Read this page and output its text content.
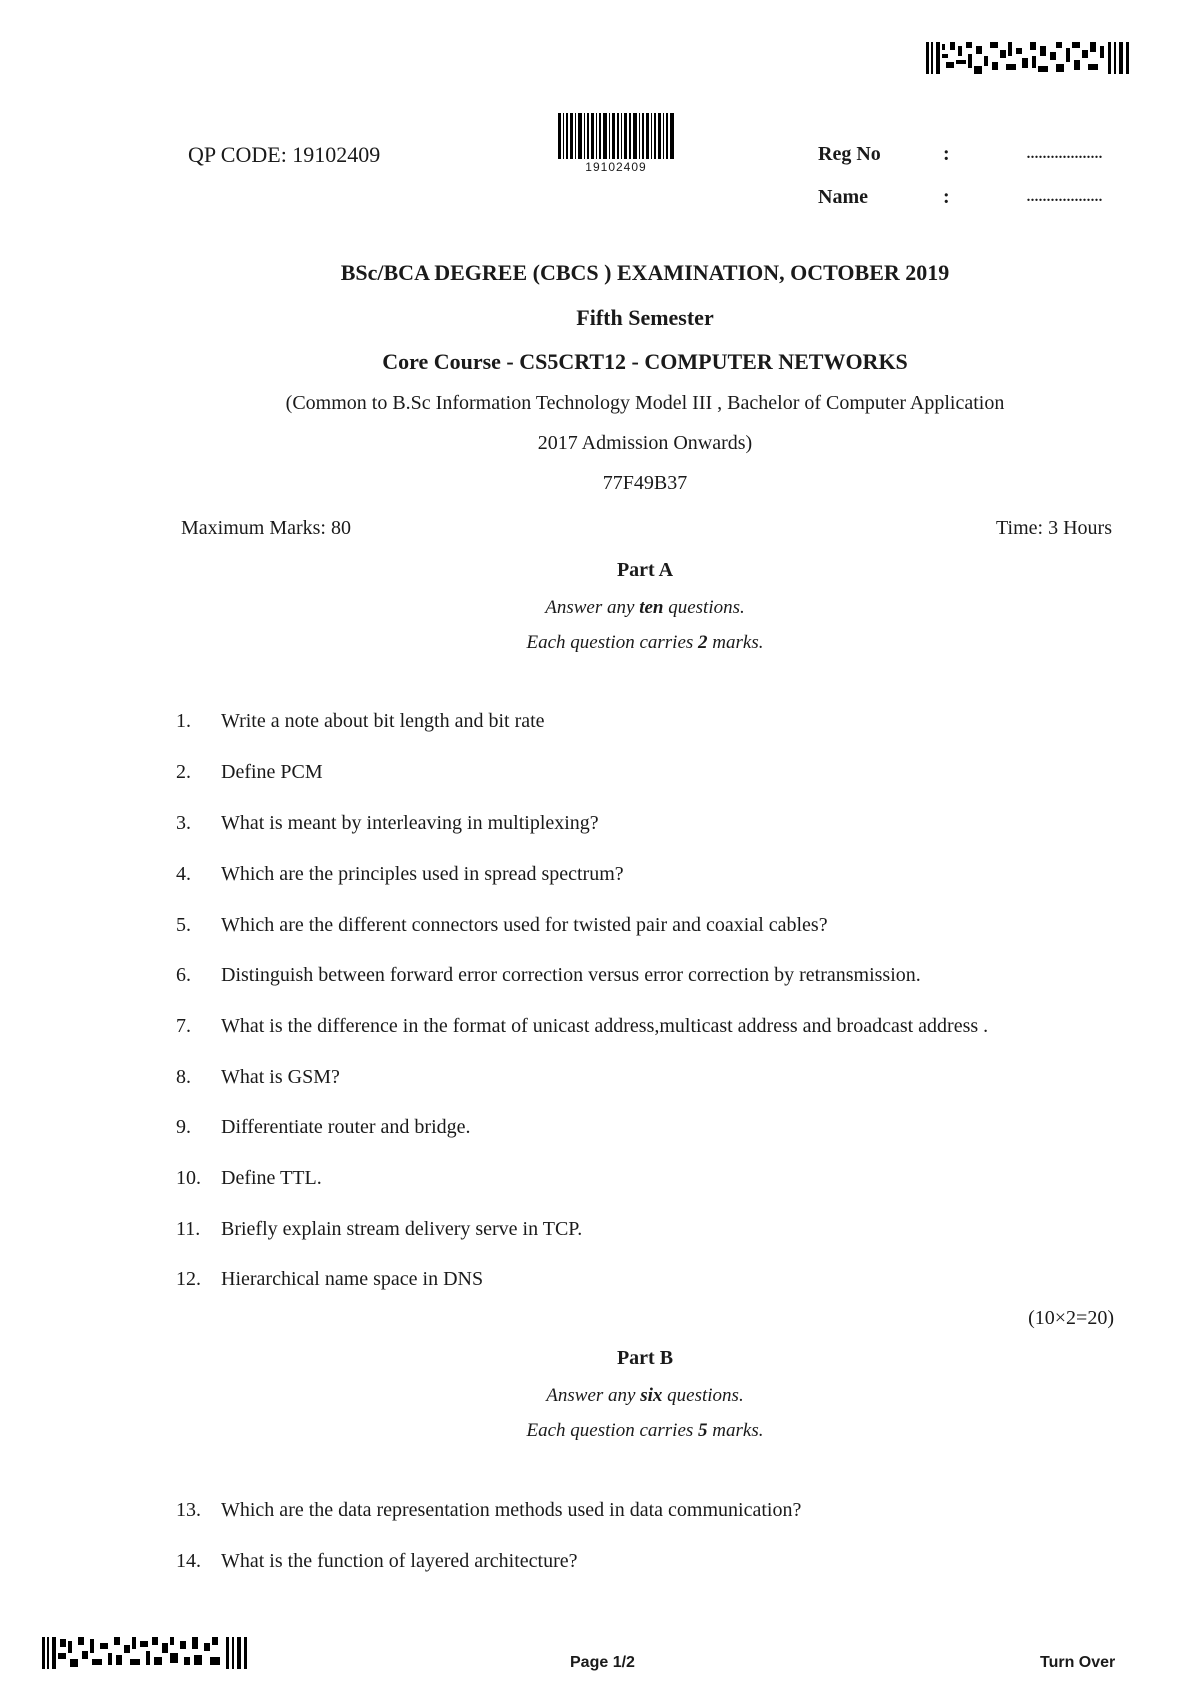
19102409
QP CODE: 19102409	Reg No	:	...................
Name	:	...................
BSc/BCA DEGREE (CBCS ) EXAMINATION, OCTOBER 2019
Fifth Semester
Core Course - CS5CRT12 - COMPUTER NETWORKS
(Common to B.Sc Information Technology Model III , Bachelor of Computer Application
2017 Admission Onwards)
77F49B37
Maximum Marks: 80	Time: 3 Hours
Part A
Answer any ten questions.
Each question carries 2 marks.
1.	Write a note about bit length and bit rate
2.	Define PCM
3.	What is meant by interleaving in multiplexing?
4.	Which are the principles used in spread spectrum?
5.	Which are the different connectors used for twisted pair and coaxial cables?
6.	Distinguish between forward error correction versus error correction by retransmission.
7.	What is the difference in the format of unicast address,multicast address and broadcast address .
8.	What is GSM?
9.	Differentiate router and bridge.
10.	Define TTL.
11.	Briefly explain stream delivery serve in TCP.
12.	Hierarchical name space in DNS
(10×2=20)
Part B
Answer any six questions.
Each question carries 5 marks.
13.	Which are the data representation methods used in data communication?
14.	What is the function of layered architecture?
Page 1/2	Turn Over
